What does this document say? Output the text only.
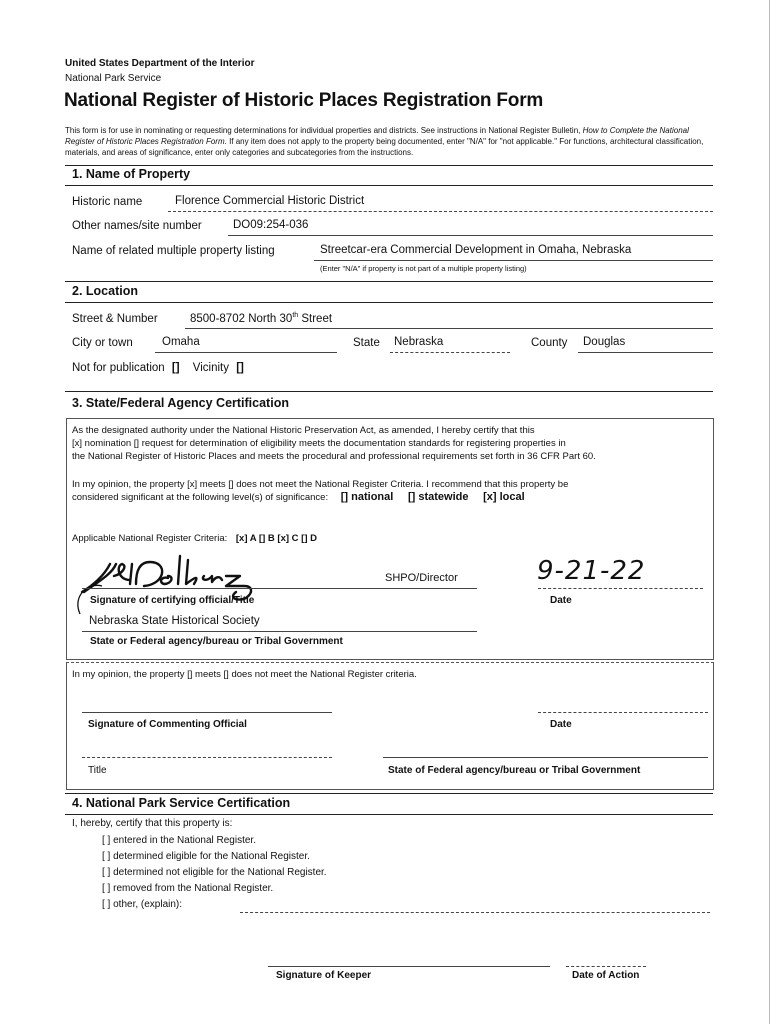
United States Department of the Interior
National Park Service
National Register of Historic Places Registration Form
This form is for use in nominating or requesting determinations for individual properties and districts. See instructions in National Register Bulletin, How to Complete the National Register of Historic Places Registration Form. If any item does not apply to the property being documented, enter "N/A" for "not applicable." For functions, architectural classification, materials, and areas of significance, enter only categories and subcategories from the instructions.
1. Name of Property
Historic name	Florence Commercial Historic District
Other names/site number	DO09:254-036
Name of related multiple property listing	Streetcar-era Commercial Development in Omaha, Nebraska
(Enter "N/A" if property is not part of a multiple property listing)
2. Location
Street & Number	8500-8702 North 30th Street
City or town	Omaha	State Nebraska	County Douglas
Not for publication [] Vicinity []
3. State/Federal Agency Certification
As the designated authority under the National Historic Preservation Act, as amended, I hereby certify that this
[x] nomination [] request for determination of eligibility meets the documentation standards for registering properties in
the National Register of Historic Places and meets the procedural and professional requirements set forth in 36 CFR Part 60.
In my opinion, the property [x] meets [] does not meet the National Register Criteria. I recommend that this property be
considered significant at the following level(s) of significance: [] national [] statewide [x] local
Applicable National Register Criteria: [x] A [] B [x] C [] D
SHPO/Director	9-21-22
Signature of certifying official/Title	Date
Nebraska State Historical Society
State or Federal agency/bureau or Tribal Government
In my opinion, the property [] meets [] does not meet the National Register criteria.
Signature of Commenting Official	Date
Title	State of Federal agency/bureau or Tribal Government
4. National Park Service Certification
I, hereby, certify that this property is:
[ ] entered in the National Register.
[ ] determined eligible for the National Register.
[ ] determined not eligible for the National Register.
[ ] removed from the National Register.
[ ] other, (explain):
Signature of Keeper	Date of Action
